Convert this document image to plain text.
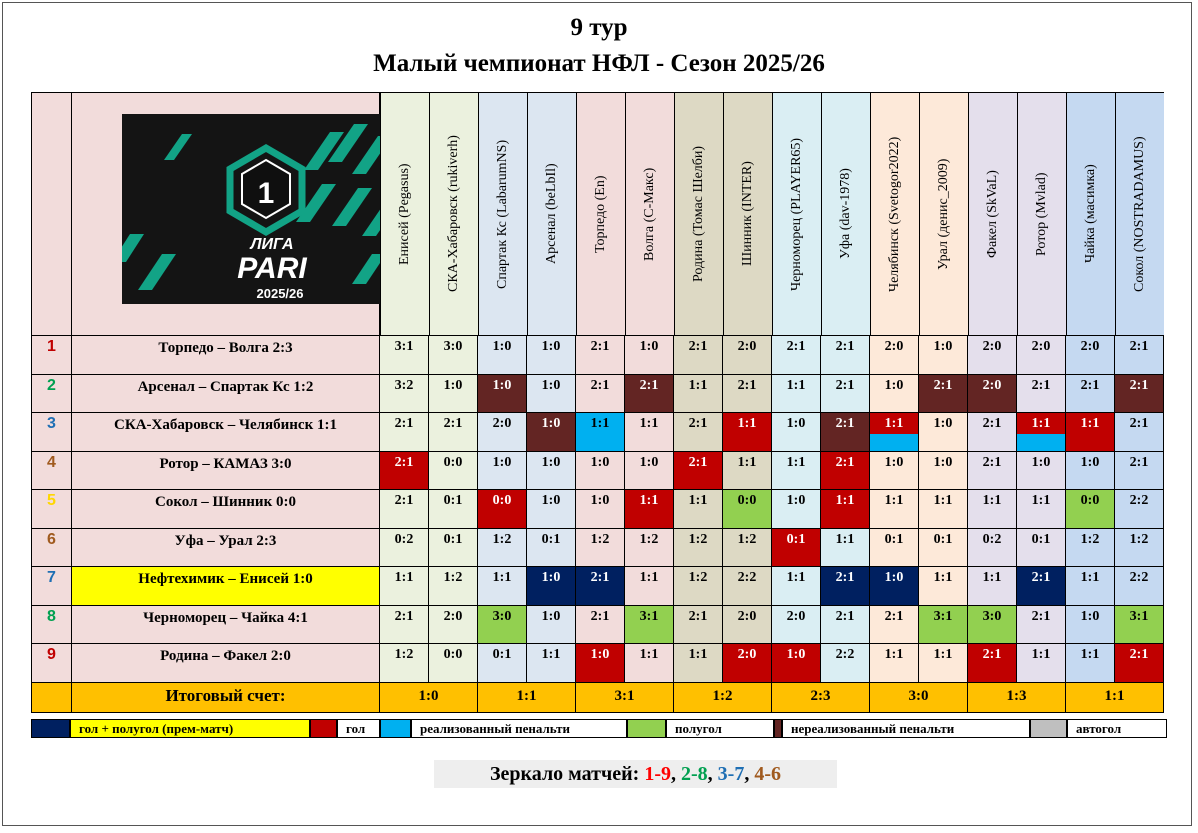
9 тур
Малый чемпионат НФЛ - Сезон 2025/26
1
ЛИГА
PARI
2025/26
Енисей (Pegasus)	СКА-Хабаровск (rukiverh)	Спартак Кс (LabarumNS)	Арсенал (beLbIl)	Торпедо (En)	Волга (С-Макс)	Родина (Томас Шелби)	Шинник (INTER)	Черноморец (PLAYER65)	Уфа (dav-1978)	Челябинск (Svetogor2022)	Урал (денис_2009)	Факел (SkVaL)	Ротор (Mvlad)	Чайка (масимка)	Сокол (NOSTRADAMUS)
1	Торпедо – Волга 2:3	3:1	3:0	1:0	1:0	2:1	1:0	2:1	2:0	2:1	2:1	2:0	1:0	2:0	2:0	2:0	2:1
2	Арсенал – Спартак Кс 1:2	3:2	1:0	1:0	1:0	2:1	2:1	1:1	2:1	1:1	2:1	1:0	2:1	2:0	2:1	2:1	2:1
3	СКА-Хабаровск – Челябинск 1:1	2:1	2:1	2:0	1:0	1:1	1:1	2:1	1:1	1:0	2:1	1:1	1:0	2:1	1:1	1:1	2:1
4	Ротор – КАМАЗ 3:0	2:1	0:0	1:0	1:0	1:0	1:0	2:1	1:1	1:1	2:1	1:0	1:0	2:1	1:0	1:0	2:1
5	Сокол – Шинник 0:0	2:1	0:1	0:0	1:0	1:0	1:1	1:1	0:0	1:0	1:1	1:1	1:1	1:1	1:1	0:0	2:2
6	Уфа – Урал 2:3	0:2	0:1	1:2	0:1	1:2	1:2	1:2	1:2	0:1	1:1	0:1	0:1	0:2	0:1	1:2	1:2
7	Нефтехимик – Енисей 1:0	1:1	1:2	1:1	1:0	2:1	1:1	1:2	2:2	1:1	2:1	1:0	1:1	1:1	2:1	1:1	2:2
8	Черноморец – Чайка 4:1	2:1	2:0	3:0	1:0	2:1	3:1	2:1	2:0	2:0	2:1	2:1	3:1	3:0	2:1	1:0	3:1
9	Родина – Факел 2:0	1:2	0:0	0:1	1:1	1:0	1:1	1:1	2:0	1:0	2:2	1:1	1:1	2:1	1:1	1:1	2:1
Итоговый счет:	1:0	1:1	3:1	1:2	2:3	3:0	1:3	1:1
гол + полугол (прем-матч)	гол	реализованный пенальти	полугол	нереализованный пенальти	автогол
Зеркало матчей: 1-9, 2-8, 3-7, 4-6
